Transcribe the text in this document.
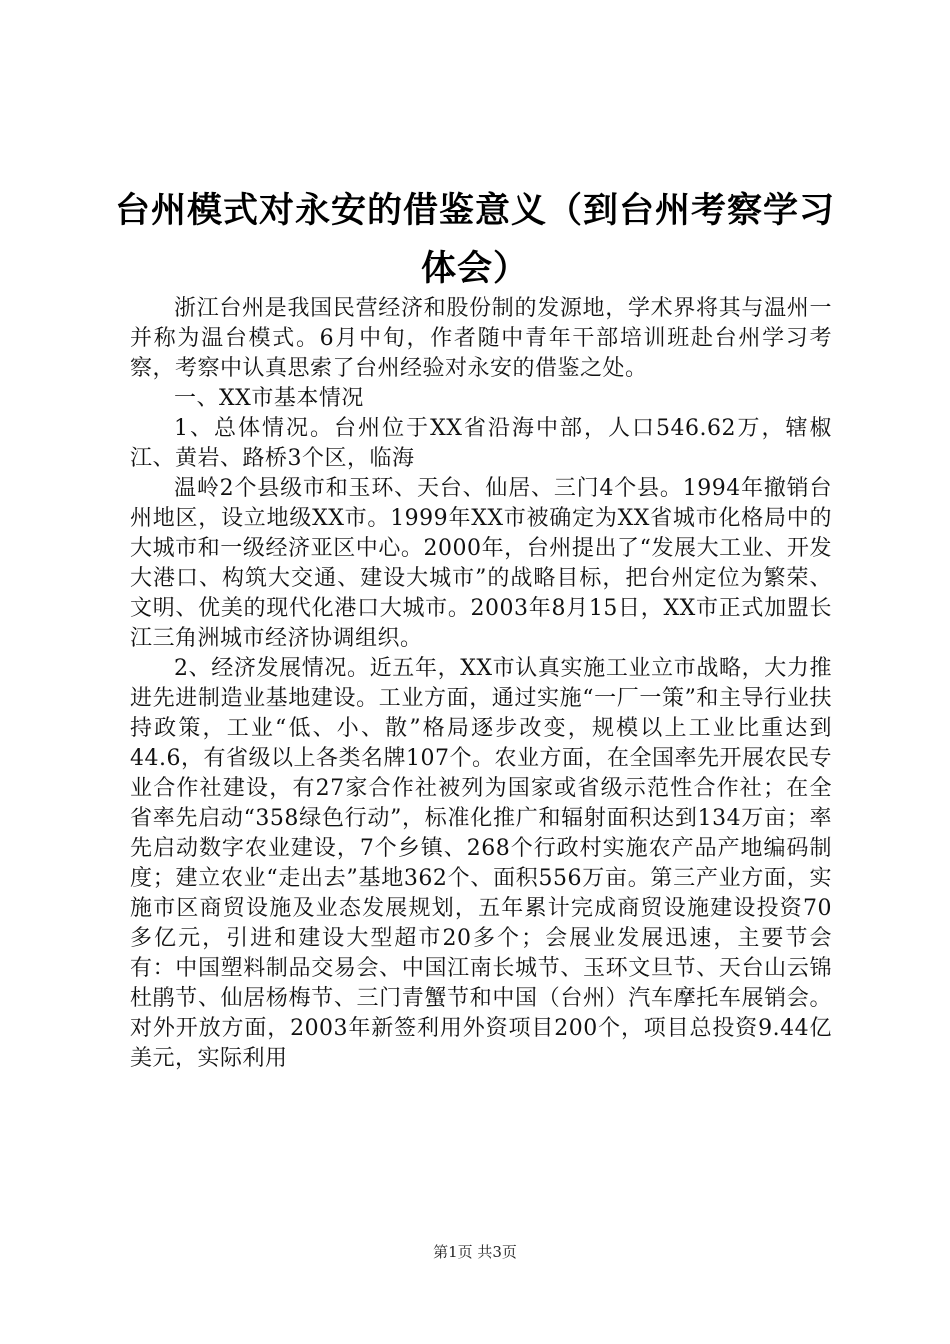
台州模式对永安的借鉴意义（到台州考察学习
体会）

浙江台州是我国民营经济和股份制的发源地，学术界将其与温州一并称为温台模式。6月中旬，作者随中青年干部培训班赴台州学习考察，考察中认真思索了台州经验对永安的借鉴之处。

一、XX市基本情况

1、总体情况。台州位于XX省沿海中部，人口546.62万，辖椒江、黄岩、路桥3个区，临海

温岭2个县级市和玉环、天台、仙居、三门4个县。1994年撤销台州地区，设立地级XX市。1999年XX市被确定为XX省城市化格局中的大城市和一级经济亚区中心。2000年，台州提出了“发展大工业、开发大港口、构筑大交通、建设大城市”的战略目标，把台州定位为繁荣、文明、优美的现代化港口大城市。2003年8月15日，XX市正式加盟长江三角洲城市经济协调组织。

2、经济发展情况。近五年，XX市认真实施工业立市战略，大力推进先进制造业基地建设。工业方面，通过实施“一厂一策”和主导行业扶持政策，工业“低、小、散”格局逐步改变，规模以上工业比重达到44.6，有省级以上各类名牌107个。农业方面，在全国率先开展农民专业合作社建设，有27家合作社被列为国家或省级示范性合作社；在全省率先启动“358绿色行动”，标准化推广和辐射面积达到134万亩；率先启动数字农业建设，7个乡镇、268个行政村实施农产品产地编码制度；建立农业“走出去”基地362个、面积556万亩。第三产业方面，实施市区商贸设施及业态发展规划，五年累计完成商贸设施建设投资70多亿元，引进和建设大型超市20多个；会展业发展迅速，主要节会有：中国塑料制品交易会、中国江南长城节、玉环文旦节、天台山云锦杜鹃节、仙居杨梅节、三门青蟹节和中国（台州）汽车摩托车展销会。对外开放方面，2003年新签利用外资项目200个，项目总投资9.44亿美元，实际利用

第1页 共3页
